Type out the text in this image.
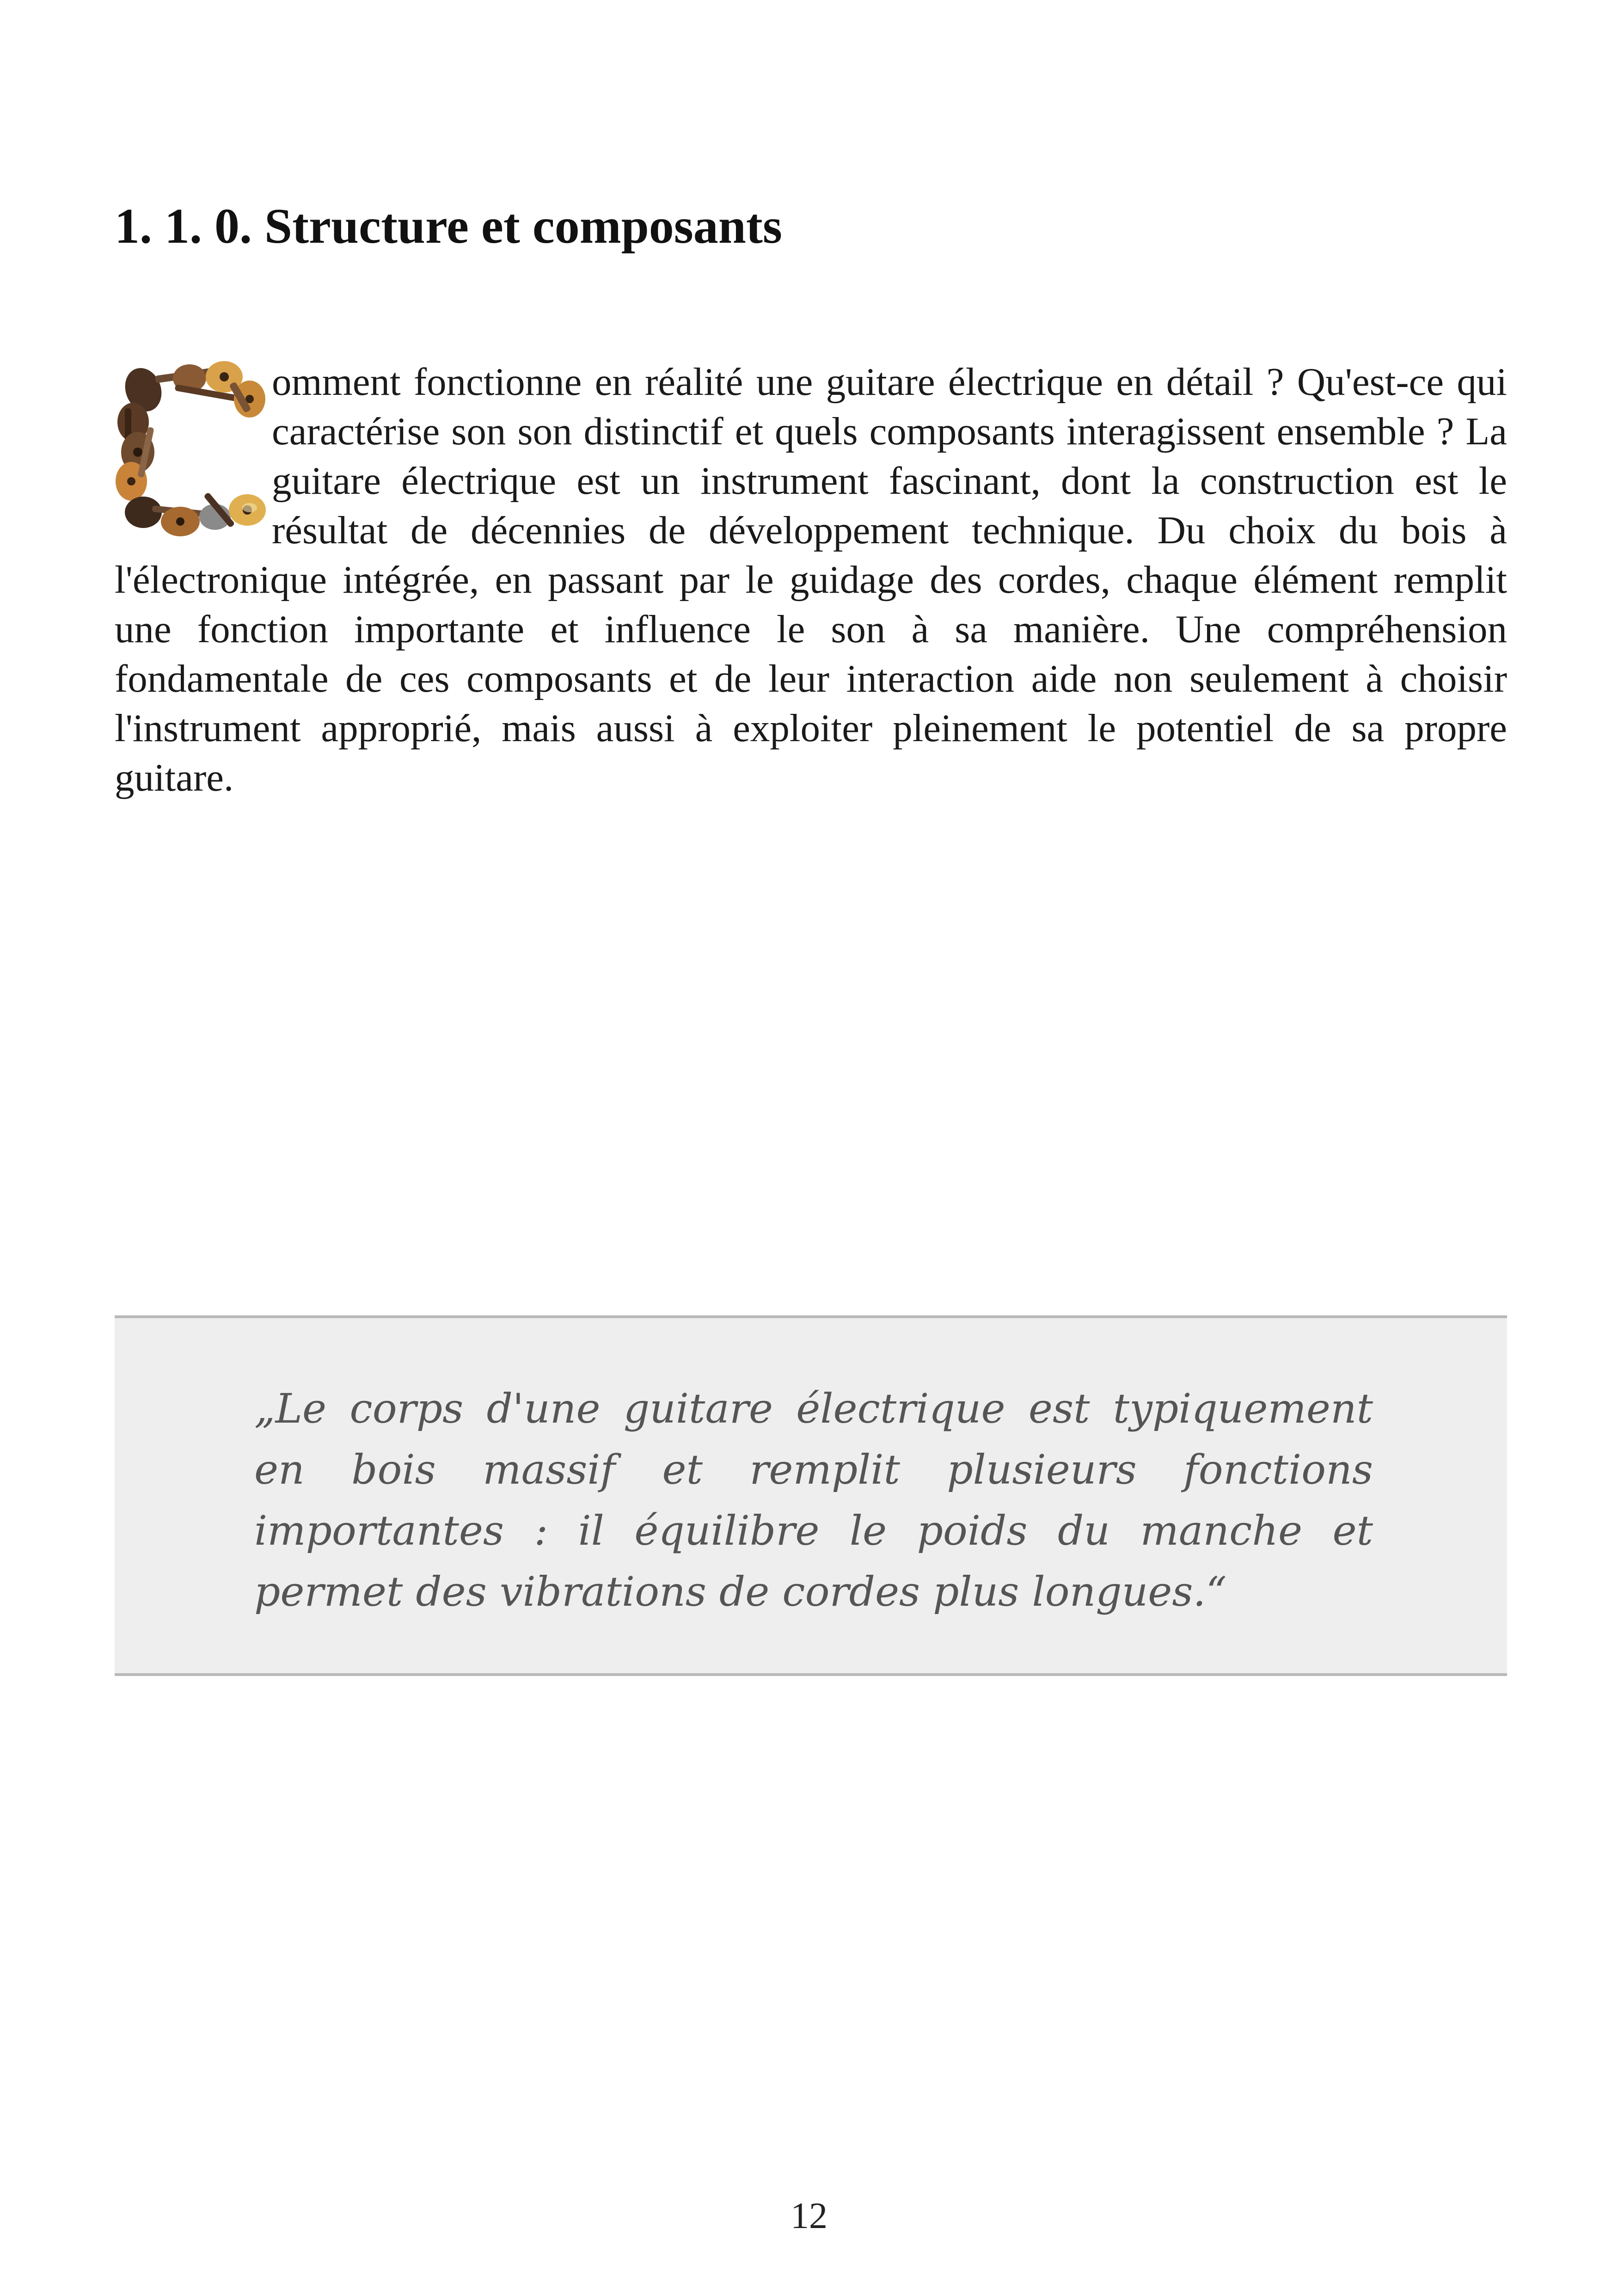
1. 1. 0. Structure et composants

omment fonctionne en réalité une guitare électrique en détail ? Qu'est-ce qui caractérise son son distinctif et quels composants interagissent ensemble ? La guitare électrique est un instrument fascinant, dont la construction est le résultat de décennies de développement technique. Du choix du bois à l'électronique intégrée, en passant par le guidage des cordes, chaque élément remplit une fonction importante et influence le son à sa manière. Une compréhension fondamentale de ces composants et de leur interaction aide non seulement à choisir l'instrument approprié, mais aussi à exploiter pleinement le potentiel de sa propre guitare.

„Le corps d'une guitare électrique est typiquement en bois massif et remplit plusieurs fonctions importantes : il équilibre le poids du manche et permet des vibrations de cordes plus longues.“

12
